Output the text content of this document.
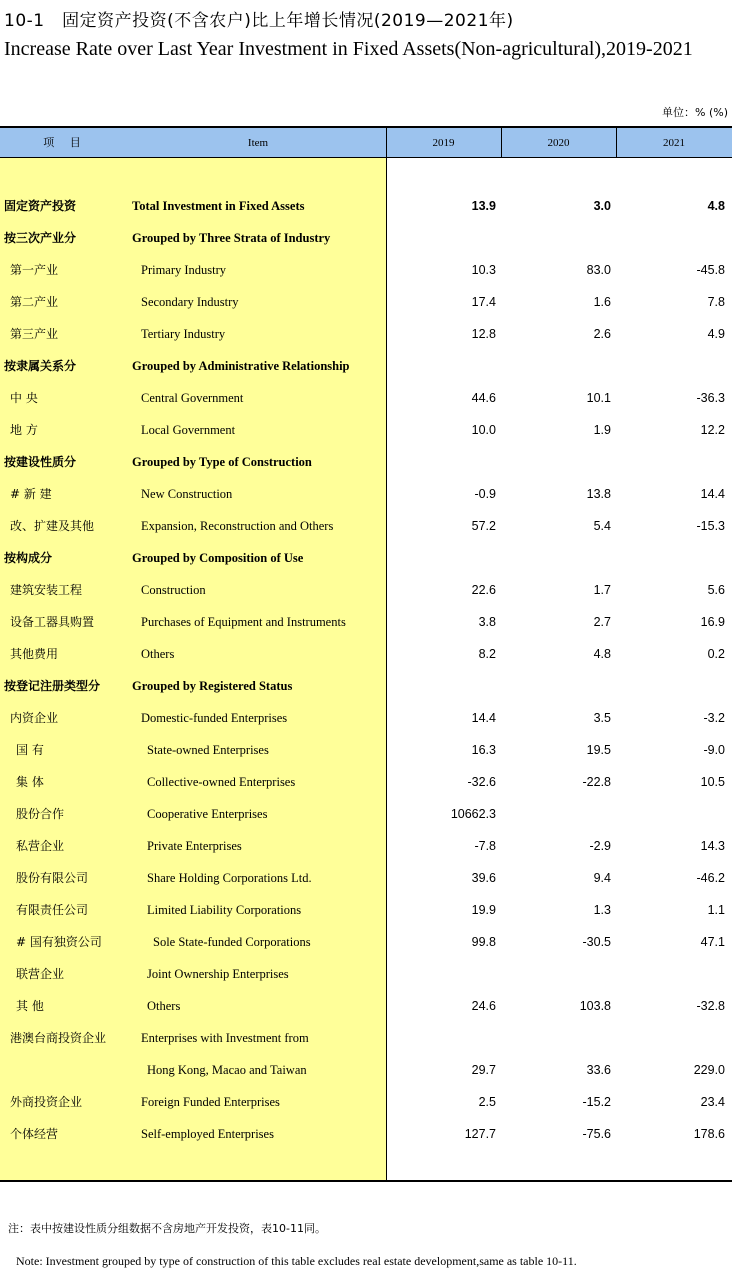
10-1　固定资产投资(不含农户)比上年增长情况(2019—2021年)
Increase Rate over Last Year Investment in Fixed Assets(Non-agricultural),2019-2021
单位：% (%)
项 目	Item	2019	2020	2021
固定资产投资	Total Investment in Fixed Assets	13.9	3.0	4.8
按三次产业分	Grouped by Three Strata of Industry
第一产业	Primary Industry	10.3	83.0	-45.8
第二产业	Secondary Industry	17.4	1.6	7.8
第三产业	Tertiary Industry	12.8	2.6	4.9
按隶属关系分	Grouped by Administrative Relationship
中 央	Central Government	44.6	10.1	-36.3
地 方	Local Government	10.0	1.9	12.2
按建设性质分	Grouped by Type of Construction
# 新 建	New Construction	-0.9	13.8	14.4
改、扩建及其他	Expansion, Reconstruction and Others	57.2	5.4	-15.3
按构成分	Grouped by Composition of Use
建筑安装工程	Construction	22.6	1.7	5.6
设备工器具购置	Purchases of Equipment and Instruments	3.8	2.7	16.9
其他费用	Others	8.2	4.8	0.2
按登记注册类型分	Grouped by Registered Status
内资企业	Domestic-funded Enterprises	14.4	3.5	-3.2
国 有	State-owned Enterprises	16.3	19.5	-9.0
集 体	Collective-owned Enterprises	-32.6	-22.8	10.5
股份合作	Cooperative Enterprises	10662.3
私营企业	Private Enterprises	-7.8	-2.9	14.3
股份有限公司	Share Holding Corporations Ltd.	39.6	9.4	-46.2
有限责任公司	Limited Liability Corporations	19.9	1.3	1.1
# 国有独资公司	Sole State-funded Corporations	99.8	-30.5	47.1
联营企业	Joint Ownership Enterprises
其 他	Others	24.6	103.8	-32.8
港澳台商投资企业	Enterprises with Investment from
Hong Kong, Macao and Taiwan	29.7	33.6	229.0
外商投资企业	Foreign Funded Enterprises	2.5	-15.2	23.4
个体经营	Self-employed Enterprises	127.7	-75.6	178.6
注：表中按建设性质分组数据不含房地产开发投资，表10-11同。
Note: Investment grouped by type of construction of this table excludes real estate development,same as table 10-11.
